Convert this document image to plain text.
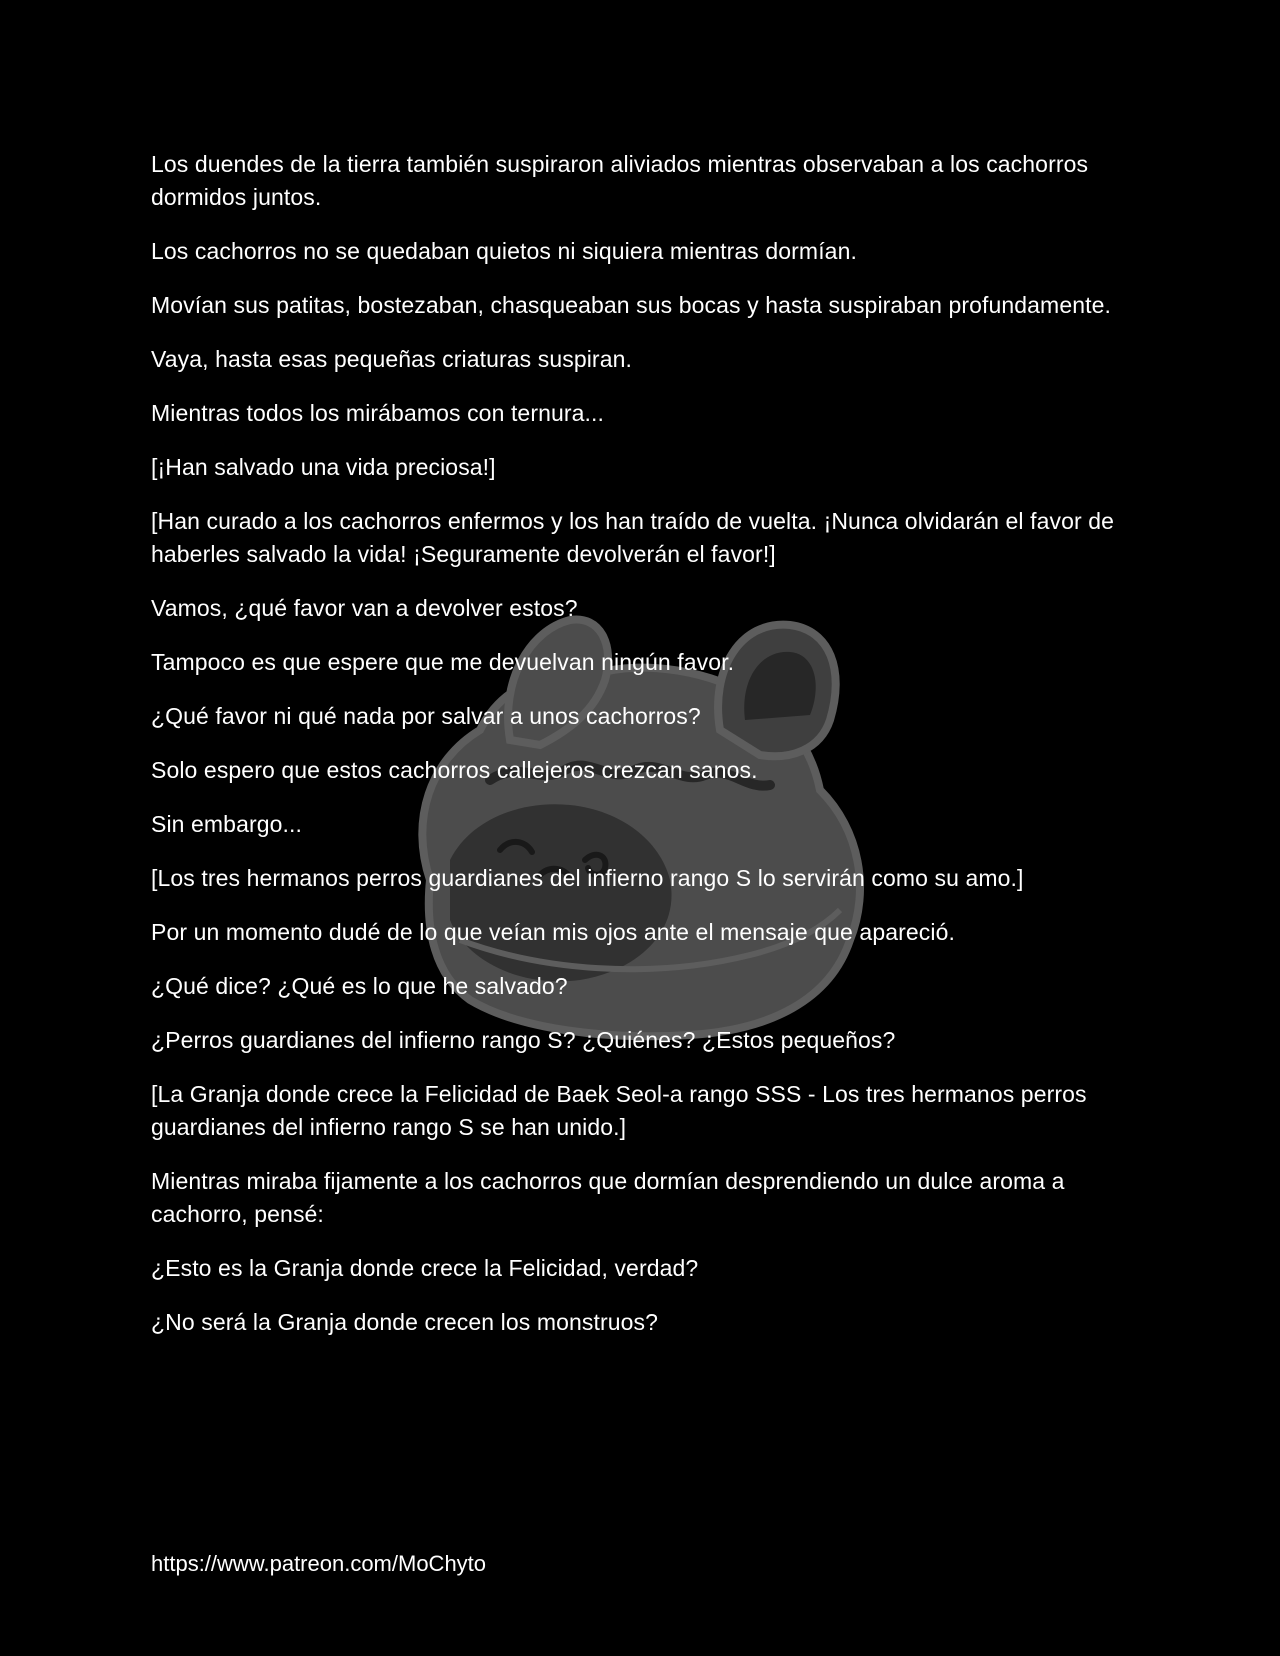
Los duendes de la tierra también suspiraron aliviados mientras observaban a los cachorros dormidos juntos.

Los cachorros no se quedaban quietos ni siquiera mientras dormían.

Movían sus patitas, bostezaban, chasqueaban sus bocas y hasta suspiraban profundamente.

Vaya, hasta esas pequeñas criaturas suspiran.

Mientras todos los mirábamos con ternura...

[¡Han salvado una vida preciosa!]

[Han curado a los cachorros enfermos y los han traído de vuelta. ¡Nunca olvidarán el favor de haberles salvado la vida! ¡Seguramente devolverán el favor!]

Vamos, ¿qué favor van a devolver estos?

Tampoco es que espere que me devuelvan ningún favor.

¿Qué favor ni qué nada por salvar a unos cachorros?

Solo espero que estos cachorros callejeros crezcan sanos.

Sin embargo...

[Los tres hermanos perros guardianes del infierno rango S lo servirán como su amo.]

Por un momento dudé de lo que veían mis ojos ante el mensaje que apareció.

¿Qué dice? ¿Qué es lo que he salvado?

¿Perros guardianes del infierno rango S? ¿Quiénes? ¿Estos pequeños?

[La Granja donde crece la Felicidad de Baek Seol-a rango SSS - Los tres hermanos perros guardianes del infierno rango S se han unido.]

Mientras miraba fijamente a los cachorros que dormían desprendiendo un dulce aroma a cachorro, pensé:

¿Esto es la Granja donde crece la Felicidad, verdad?

¿No será la Granja donde crecen los monstruos?

https://www.patreon.com/MoChyto
